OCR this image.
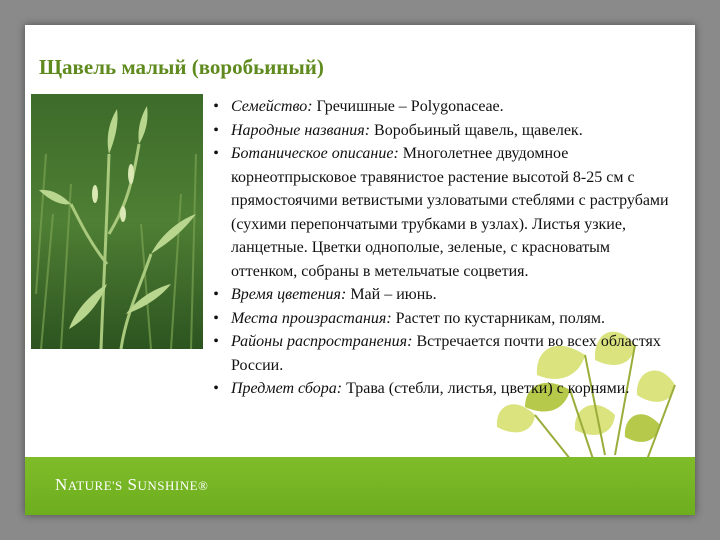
Щавель малый (воробьиный)
• Семейство: Гречишные – Polygonaceae.
• Народные названия: Воробьиный щавель, щавелек.
• Ботаническое описание: Многолетнее двудомное корнеотпрысковое травянистое растение высотой 8-25 см с прямостоячими ветвистыми узловатыми стеблями с раструбами (сухими перепончатыми трубками в узлах). Листья узкие, ланцетные. Цветки однополые, зеленые, с красноватым оттенком, собраны в метельчатые соцветия.
• Время цветения: Май – июнь.
• Места произрастания: Растет по кустарникам, полям.
• Районы распространения: Встречается почти во всех областях России.
• Предмет сбора: Трава (стебли, листья, цветки) с корнями.
NATURE'S SUNSHINE®
